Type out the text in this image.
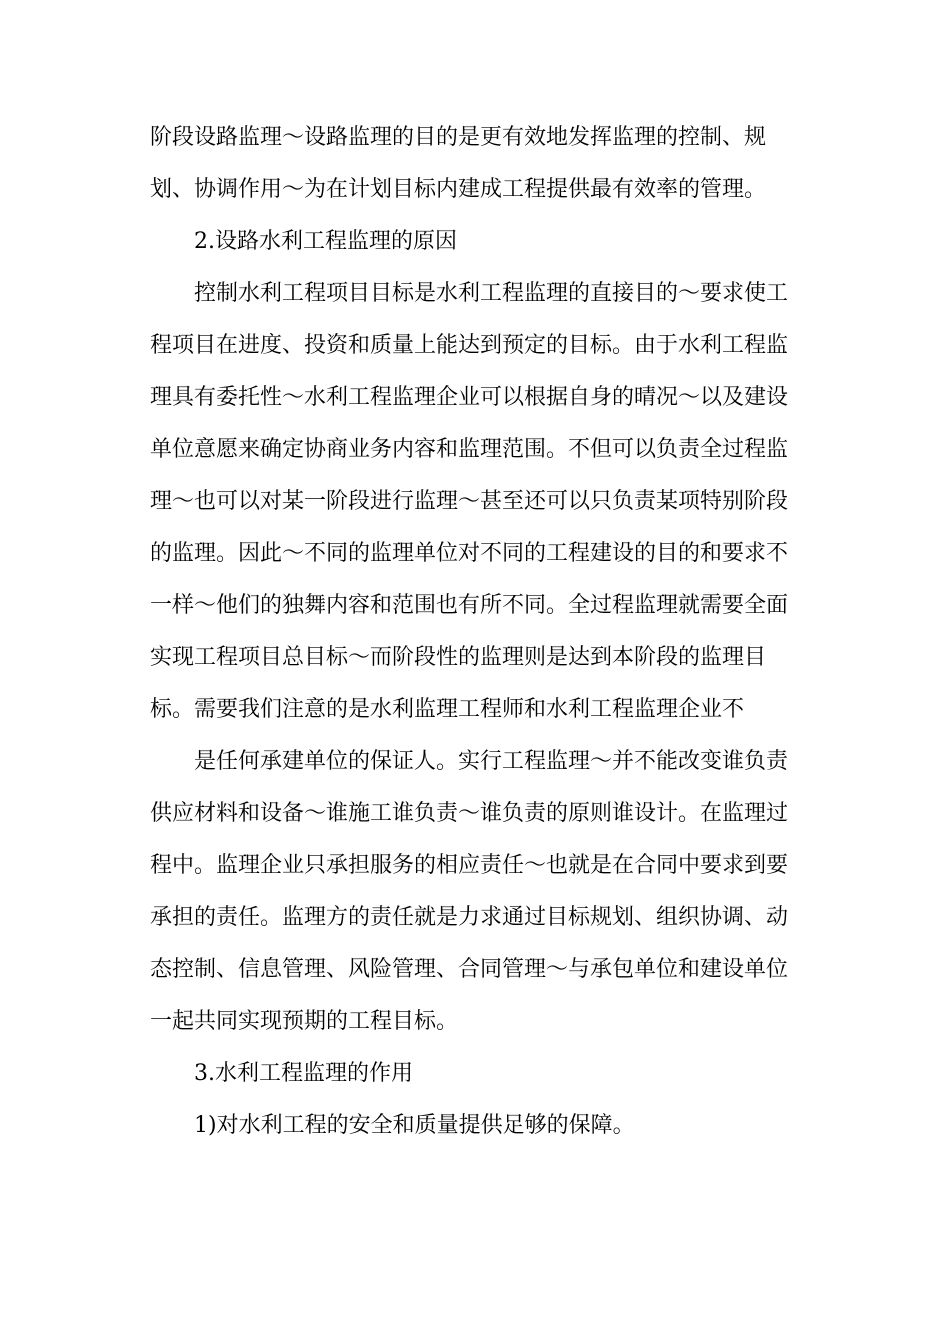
阶段设路监理～设路监理的目的是更有效地发挥监理的控制、规
划、协调作用～为在计划目标内建成工程提供最有效率的管理。
2.设路水利工程监理的原因
控制水利工程项目目标是水利工程监理的直接目的～要求使工
程项目在进度、投资和质量上能达到预定的目标。由于水利工程监
理具有委托性～水利工程监理企业可以根据自身的晴况～以及建设
单位意愿来确定协商业务内容和监理范围。不但可以负责全过程监
理～也可以对某一阶段进行监理～甚至还可以只负责某项特别阶段
的监理。因此～不同的监理单位对不同的工程建设的目的和要求不
一样～他们的独舞内容和范围也有所不同。全过程监理就需要全面
实现工程项目总目标～而阶段性的监理则是达到本阶段的监理目
标。需要我们注意的是水利监理工程师和水利工程监理企业不
是任何承建单位的保证人。实行工程监理～并不能改变谁负责
供应材料和设备～谁施工谁负责～谁负责的原则谁设计。在监理过
程中。监理企业只承担服务的相应责任～也就是在合同中要求到要
承担的责任。监理方的责任就是力求通过目标规划、组织协调、动
态控制、信息管理、风险管理、合同管理～与承包单位和建设单位
一起共同实现预期的工程目标。
3.水利工程监理的作用
1)对水利工程的安全和质量提供足够的保障。
